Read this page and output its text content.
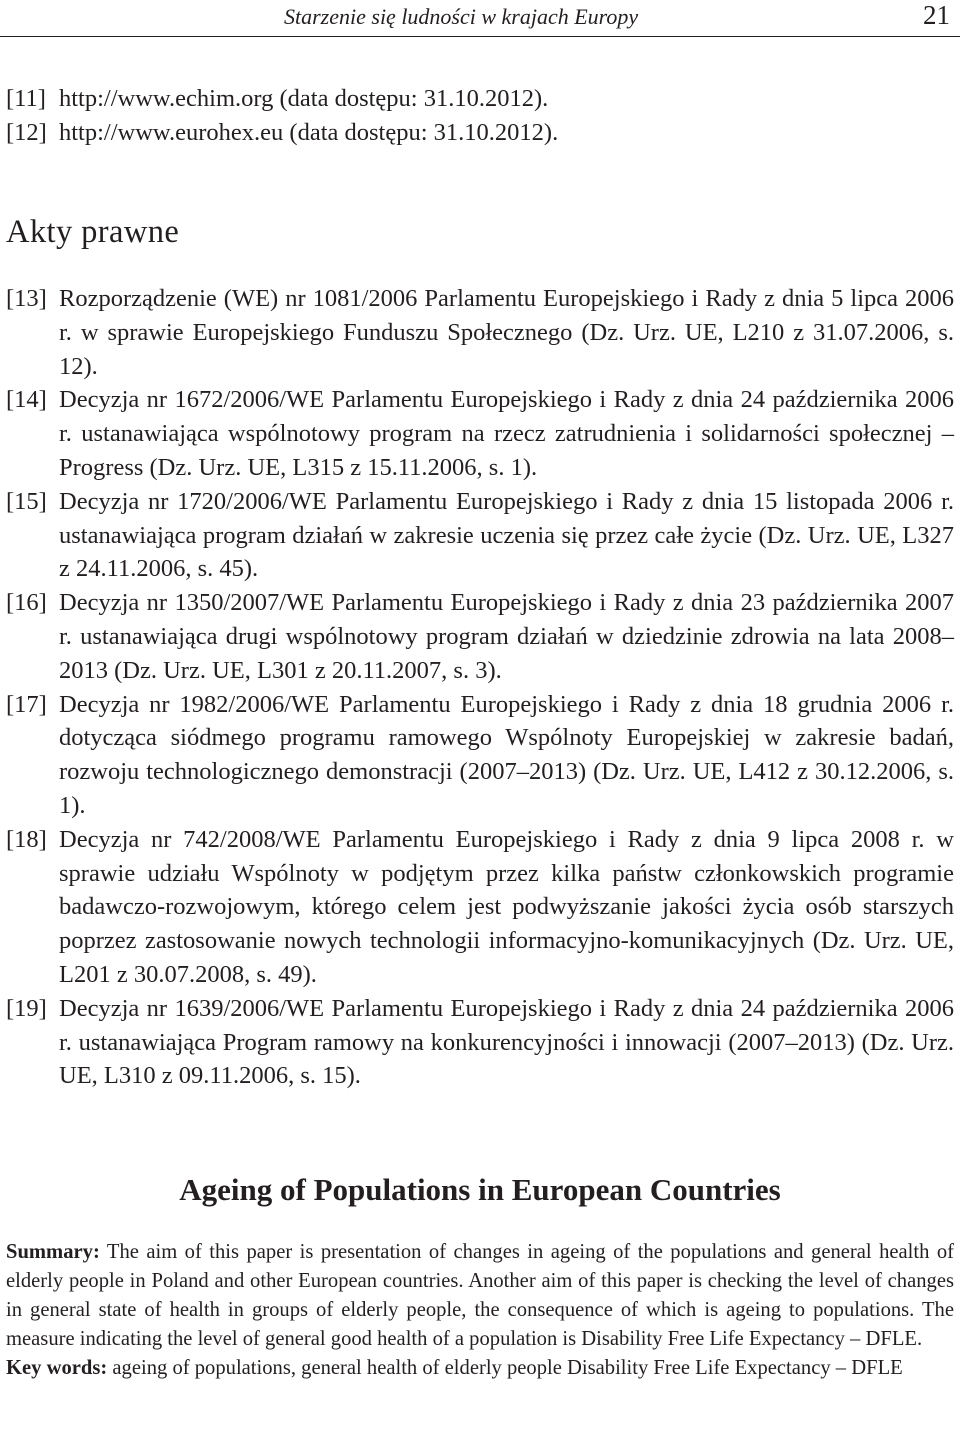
Starzenie się ludności w krajach Europy	21
[11] http://www.echim.org (data dostępu: 31.10.2012).
[12] http://www.eurohex.eu (data dostępu: 31.10.2012).
Akty prawne
[13] Rozporządzenie (WE) nr 1081/2006 Parlamentu Europejskiego i Rady z dnia 5 lipca 2006 r. w sprawie Europejskiego Funduszu Społecznego (Dz. Urz. UE, L210 z 31.07.2006, s. 12).
[14] Decyzja nr 1672/2006/WE Parlamentu Europejskiego i Rady z dnia 24 października 2006 r. ustanawiająca wspólnotowy program na rzecz zatrudnienia i solidarności społecznej – Progress (Dz. Urz. UE, L315 z 15.11.2006, s. 1).
[15] Decyzja nr 1720/2006/WE Parlamentu Europejskiego i Rady z dnia 15 listopada 2006 r. ustanawiająca program działań w zakresie uczenia się przez całe życie (Dz. Urz. UE, L327 z 24.11.2006, s. 45).
[16] Decyzja nr 1350/2007/WE Parlamentu Europejskiego i Rady z dnia 23 października 2007 r. ustanawiająca drugi wspólnotowy program działań w dziedzinie zdrowia na lata 2008–2013 (Dz. Urz. UE, L301 z 20.11.2007, s. 3).
[17] Decyzja nr 1982/2006/WE Parlamentu Europejskiego i Rady z dnia 18 grudnia 2006 r. dotycząca siódmego programu ramowego Wspólnoty Europejskiej w zakresie badań, rozwoju technologicznego demonstracji (2007–2013) (Dz. Urz. UE, L412 z 30.12.2006, s. 1).
[18] Decyzja nr 742/2008/WE Parlamentu Europejskiego i Rady z dnia 9 lipca 2008 r. w sprawie udziału Wspólnoty w podjętym przez kilka państw członkowskich programie badawczo-rozwojowym, którego celem jest podwyższanie jakości życia osób starszych poprzez zastosowanie nowych technologii informacyjno-komunikacyjnych (Dz. Urz. UE, L201 z 30.07.2008, s. 49).
[19] Decyzja nr 1639/2006/WE Parlamentu Europejskiego i Rady z dnia 24 października 2006 r. ustanawiająca Program ramowy na konkurencyjności i innowacji (2007–2013) (Dz. Urz. UE, L310 z 09.11.2006, s. 15).
Ageing of Populations in European Countries

Summary: The aim of this paper is presentation of changes in ageing of the populations and general health of elderly people in Poland and other European countries. Another aim of this paper is checking the level of changes in general state of health in groups of elderly people, the consequence of which is ageing to populations. The measure indicating the level of general good health of a population is Disability Free Life Expectancy – DFLE.

Key words: ageing of populations, general health of elderly people Disability Free Life Expectancy – DFLE
